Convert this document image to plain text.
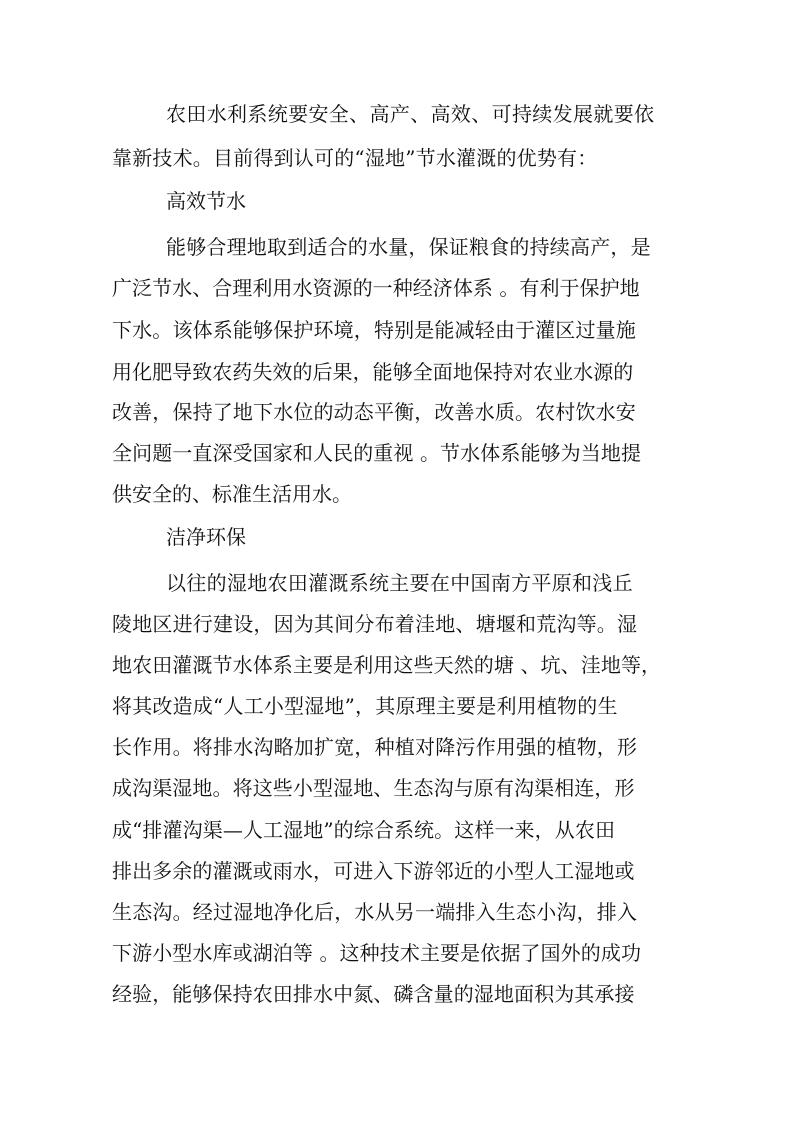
农田水利系统要安全、高产、高效、可持续发展就要依

靠新技术。目前得到认可的“湿地”节水灌溉的优势有：

高效节水

能够合理地取到适合的水量，保证粮食的持续高产，是

广泛节水、合理利用水资源的一种经济体系 。有利于保护地

下水。该体系能够保护环境，特别是能减轻由于灌区过量施

用化肥导致农药失效的后果，能够全面地保持对农业水源的

改善，保持了地下水位的动态平衡，改善水质。农村饮水安

全问题一直深受国家和人民的重视 。节水体系能够为当地提

供安全的、标准生活用水。

洁净环保

以往的湿地农田灌溉系统主要在中国南方平原和浅丘

陵地区进行建设，因为其间分布着洼地、塘堰和荒沟等。湿

地农田灌溉节水体系主要是利用这些天然的塘 、坑、洼地等，

将其改造成“人工小型湿地”，其原理主要是利用植物的生

长作用。将排水沟略加扩宽，种植对降污作用强的植物，形

成沟渠湿地。将这些小型湿地、生态沟与原有沟渠相连，形

成“排灌沟渠—人工湿地”的综合系统。这样一来，从农田

排出多余的灌溉或雨水，可进入下游邻近的小型人工湿地或

生态沟。经过湿地净化后，水从另一端排入生态小沟，排入

下游小型水库或湖泊等 。这种技术主要是依据了国外的成功

经验，能够保持农田排水中氮、磷含量的湿地面积为其承接
